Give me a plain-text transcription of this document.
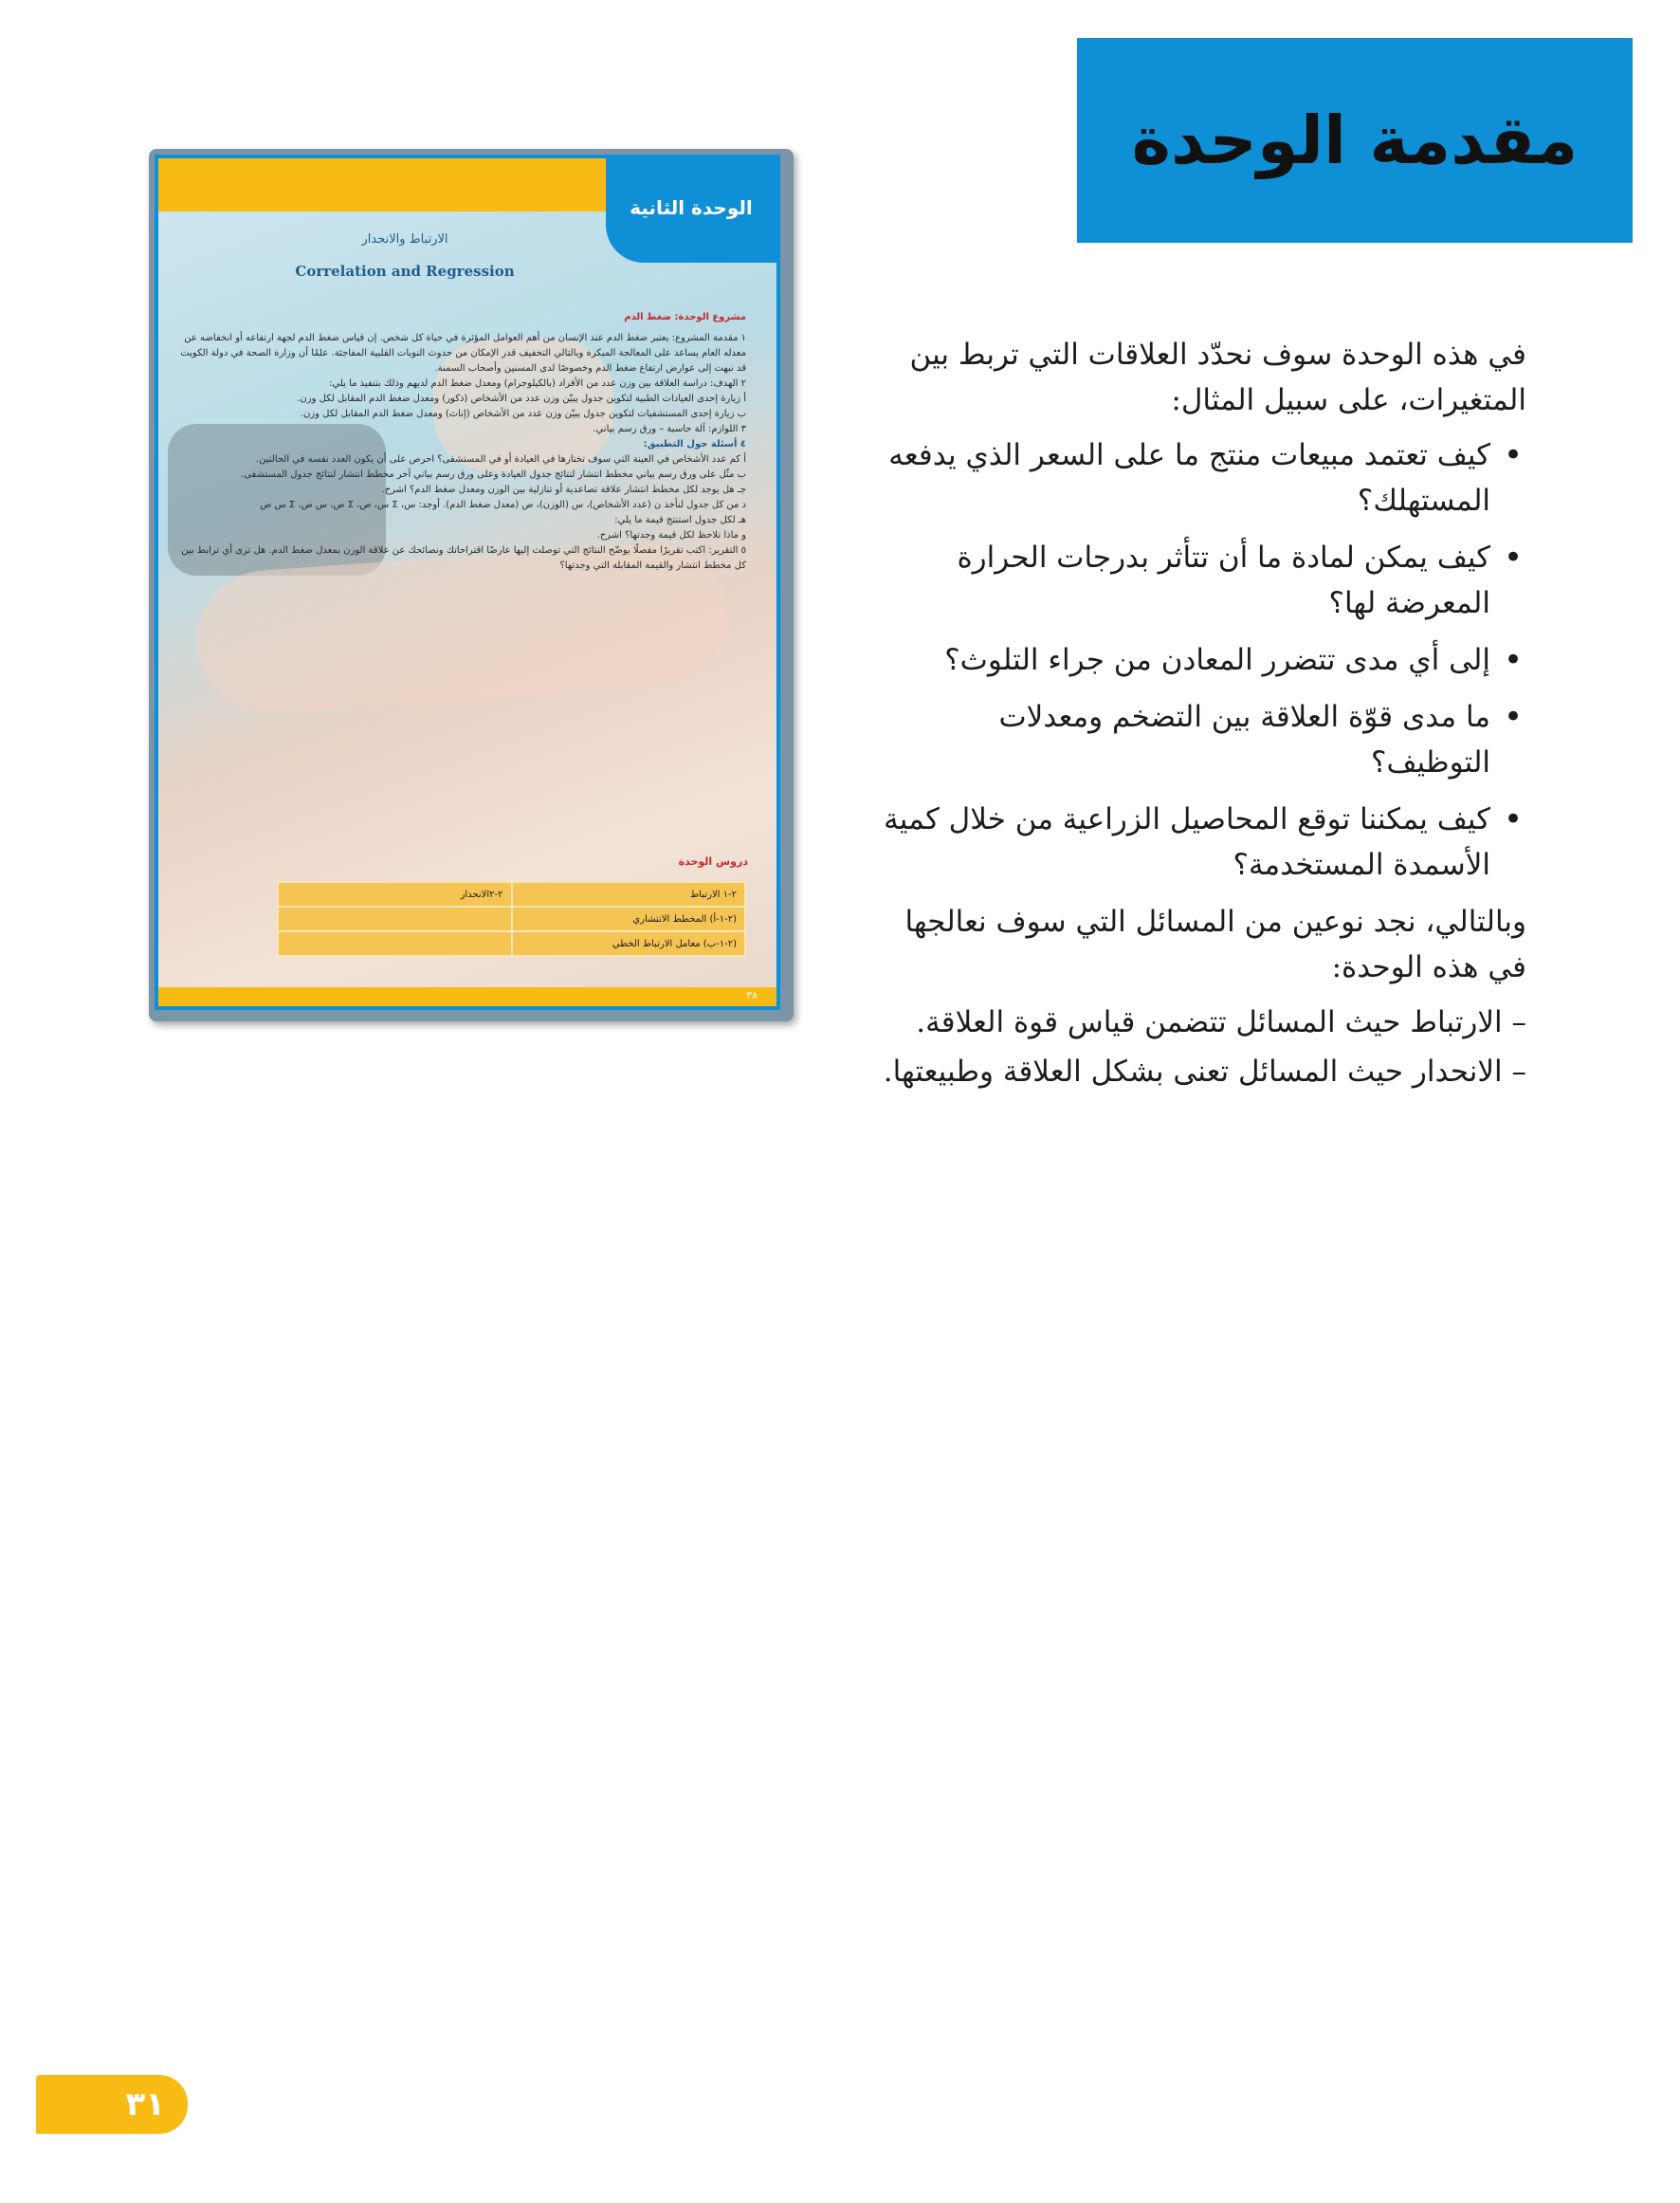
مقدمة الوحدة
الوحدة الثانية
الارتباط والانحدار
Correlation and Regression
مشروع الوحدة: ضغط الدم
١ مقدمة المشروع: يعتبر ضغط الدم عند الإنسان من أهم العوامل المؤثرة في حياة كل شخص. إن قياس ضغط الدم لجهة ارتفاعه أو انخفاضه عن معدله العام يساعد على المعالجة المبكرة وبالتالي التخفيف قدر الإمكان من حدوث النوبات القلبية المفاجئة. علمًا أن وزارة الصحة في دولة الكويت قد نبهت إلى عوارض ارتفاع ضغط الدم وخصوصًا لدى المسنين وأصحاب السمنة.
٢ الهدف: دراسة العلاقة بين وزن عدد من الأفراد (بالكيلوجرام) ومعدل ضغط الدم لديهم وذلك بتنفيذ ما يلي:
أ زيارة إحدى العيادات الطبية لتكوين جدول يبيّن وزن عدد من الأشخاص (ذكور) ومعدل ضغط الدم المقابل لكل وزن.
ب زيارة إحدى المستشفيات لتكوين جدول يبيّن وزن عدد من الأشخاص (إناث) ومعدل ضغط الدم المقابل لكل وزن.
٣ اللوازم: آلة حاسبة – ورق رسم بياني.
٤ أسئلة حول التطبيق:
أ كم عدد الأشخاص في العينة التي سوف تختارها في العيادة أو في المستشفى؟ احرص على أن يكون العدد نفسه في الحالتين.
ب مثّل على ورق رسم بياني مخطط انتشار لنتائج جدول العيادة وعلى ورق رسم بياني آخر مخطط انتشار لنتائج جدول المستشفى.
جـ هل يوجد لكل مخطط انتشار علاقة تصاعدية أو تنازلية بين الوزن ومعدل ضغط الدم؟ اشرح.
د من كل جدول لنأخذ ن (عدد الأشخاص)، س (الوزن)، ص (معدل ضغط الدم). أوجد: س، Σ س، ص، Σ ص، س ص، Σ س ص
هـ لكل جدول استنتج قيمة ما يلي:
و ماذا تلاحظ لكل قيمة وجدتها؟ اشرح.
٥ التقرير: اكتب تقريرًا مفصلًا يوضّح النتائج التي توصلت إليها عارضًا اقتراحاتك ونصائحك عن علاقة الوزن بمعدل ضغط الدم. هل ترى أي ترابط بين كل مخطط انتشار والقيمة المقابلة التي وجدتها؟
دروس الوحدة
٢-١ الارتباط	٢-٢الانحدار
(٢-١-أ) المخطط الانتشاري	
(٢-١-ب) معامل الارتباط الخطي	
٣٨

في هذه الوحدة سوف نحدّد العلاقات التي تربط بين المتغيرات، على سبيل المثال:

• كيف تعتمد مبيعات منتج ما على السعر الذي يدفعه المستهلك؟
• كيف يمكن لمادة ما أن تتأثر بدرجات الحرارة المعرضة لها؟
• إلى أي مدى تتضرر المعادن من جراء التلوث؟
• ما مدى قوّة العلاقة بين التضخم ومعدلات التوظيف؟
• كيف يمكننا توقع المحاصيل الزراعية من خلال كمية الأسمدة المستخدمة؟

وبالتالي، نجد نوعين من المسائل التي سوف نعالجها في هذه الوحدة:

– الارتباط حيث المسائل تتضمن قياس قوة العلاقة.

– الانحدار حيث المسائل تعنى بشكل العلاقة وطبيعتها.

٣١
